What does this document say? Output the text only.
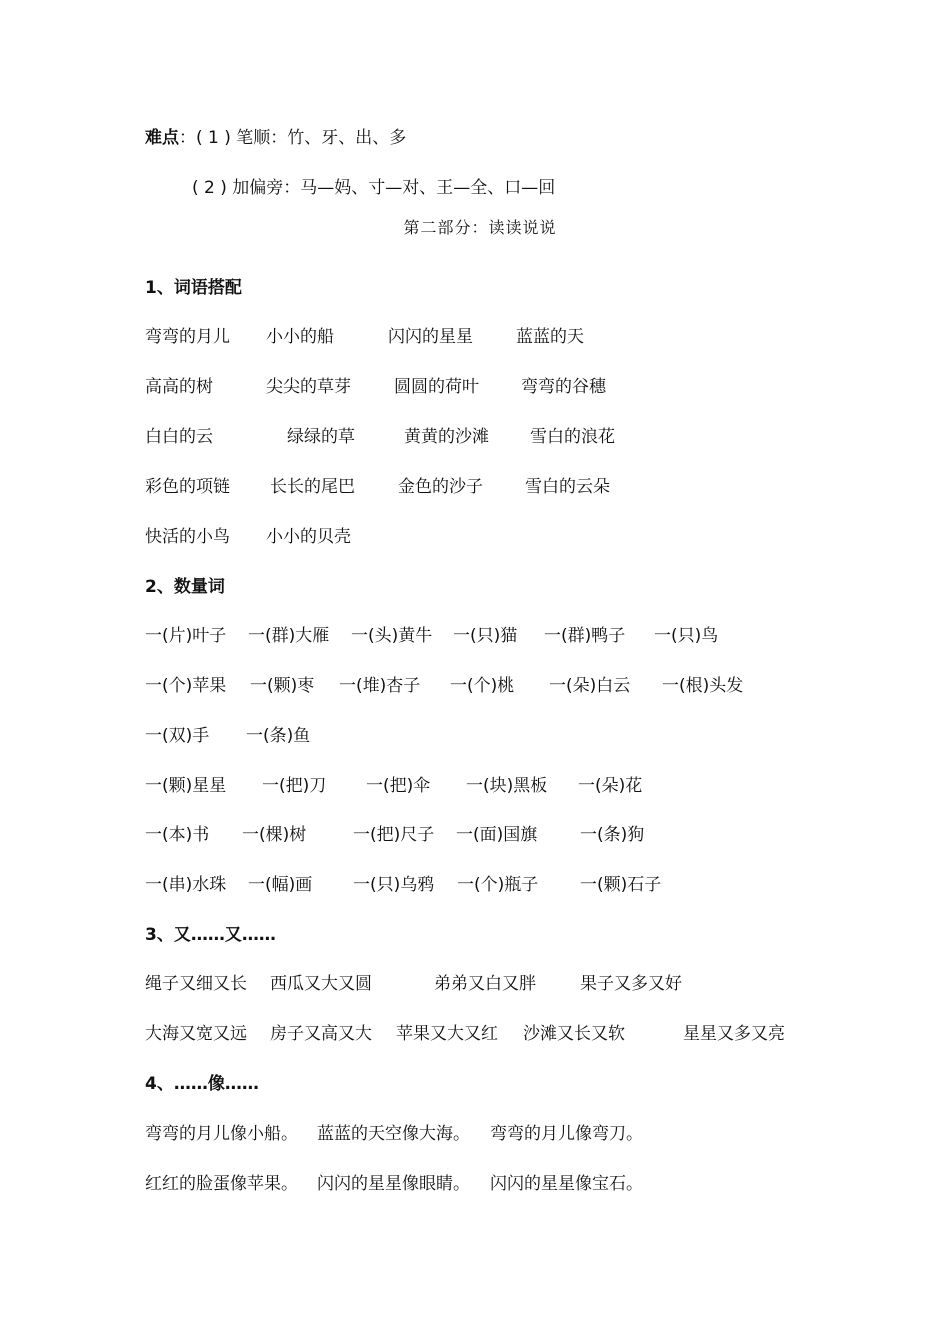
难点：( 1 ) 笔顺：竹、牙、出、多
( 2 ) 加偏旁：马—妈、寸—对、王—全、口—回
第二部分：读读说说
1、词语搭配
弯弯的月儿 小小的船	闪闪的星星	蓝蓝的天
高高的树	尖尖的草芽	圆圆的荷叶 弯弯的谷穗
白白的云	绿绿的草	黄黄的沙滩 雪白的浪花
彩色的项链 长长的尾巴	金色的沙子 雪白的云朵
快活的小鸟 小小的贝壳
2、数量词
一(片)叶子 一(群)大雁 一(头)黄牛 一(只)猫 一(群)鸭子 一(只)鸟
一(个)苹果 一(颗)枣 一(堆)杏子 一(个)桃 一(朵)白云 一(根)头发
一(双)手 一(条)鱼
一(颗)星星 一(把)刀 一(把)伞 一(块)黑板 一(朵)花
一(本)书 一(棵)树	一(把)尺子 一(面)国旗	一(条)狗
一(串)水珠 一(幅)画 一(只)乌鸦 一(个)瓶子 一(颗)石子
3、又……又……
绳子又细又长 西瓜又大又圆	弟弟又白又胖	果子又多又好
大海又宽又远 房子又高又大 苹果又大又红 沙滩又长又软	星星又多又亮
4、……像……
弯弯的月儿像小船。 蓝蓝的天空像大海。 弯弯的月儿像弯刀。
红红的脸蛋像苹果。 闪闪的星星像眼睛。 闪闪的星星像宝石。
